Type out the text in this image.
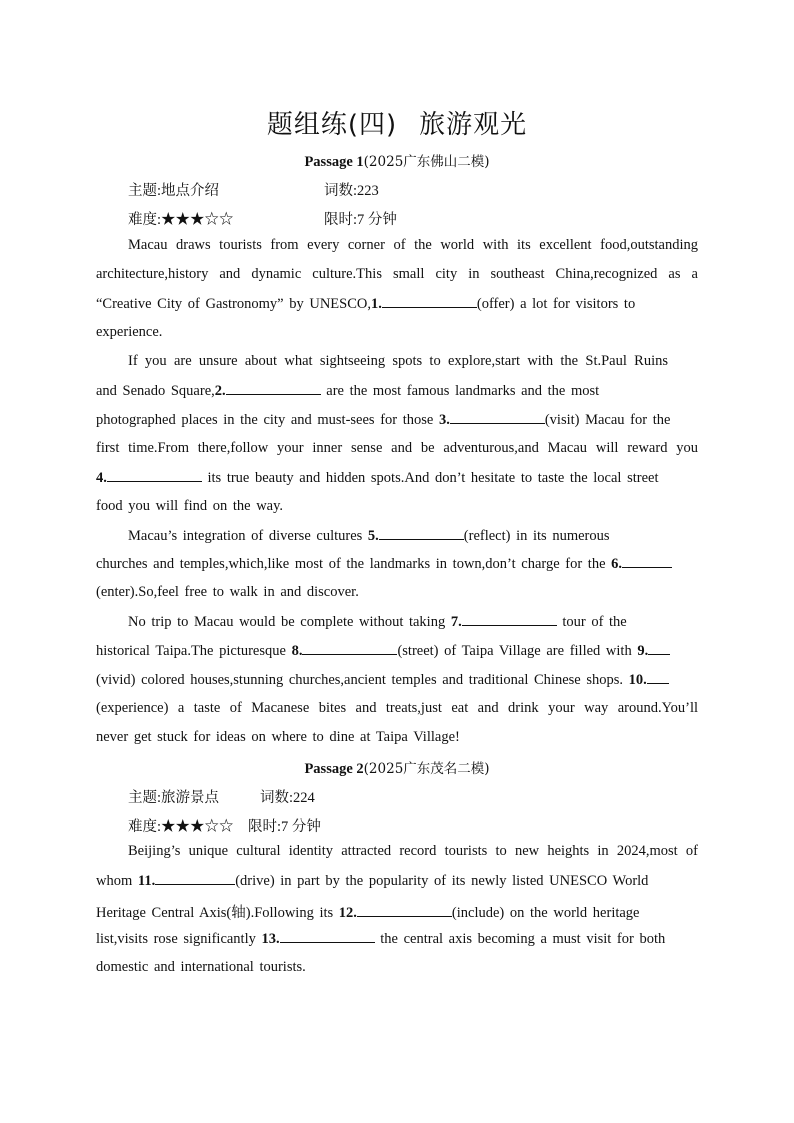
题组练(四) 旅游观光
Passage 1(2025广东佛山二模)
主题:地点介绍	词数:223
难度:★★★☆☆	限时:7 分钟
Macau draws tourists from every corner of the world with its excellent food,outstanding
architecture,history and dynamic culture.This small city in southeast China,recognized as a
“Creative City of Gastronomy” by UNESCO,1.	(offer) a lot for visitors to
experience.
If you are unsure about what sightseeing spots to explore,start with the St.Paul Ruins
and Senado Square,2.	are the most famous landmarks and the most
photographed places in the city and must-sees for those 3.	(visit) Macau for the
first time.From there,follow your inner sense and be adventurous,and Macau will reward you
4.	its true beauty and hidden spots.And don’t hesitate to taste the local street
food you will find on the way.
Macau’s integration of diverse cultures 5.	(reflect) in its numerous
churches and temples,which,like most of the landmarks in town,don’t charge for the 6.
(enter).So,feel free to walk in and discover.
No trip to Macau would be complete without taking 7.	tour of the
historical Taipa.The picturesque 8.	(street) of Taipa Village are filled with 9.
(vivid) colored houses,stunning churches,ancient temples and traditional Chinese shops. 10.
(experience) a taste of Macanese bites and treats,just eat and drink your way around.You’ll
never get stuck for ideas on where to dine at Taipa Village!
Passage 2(2025广东茂名二模)
主题:旅游景点	词数:224
难度:★★★☆☆ 限时:7 分钟
Beijing’s unique cultural identity attracted record tourists to new heights in 2024,most of
whom 11.	(drive) in part by the popularity of its newly listed UNESCO World
Heritage Central Axis(轴).Following its 12.	(include) on the world heritage
list,visits rose significantly 13.	the central axis becoming a must visit for both
domestic and international tourists.
